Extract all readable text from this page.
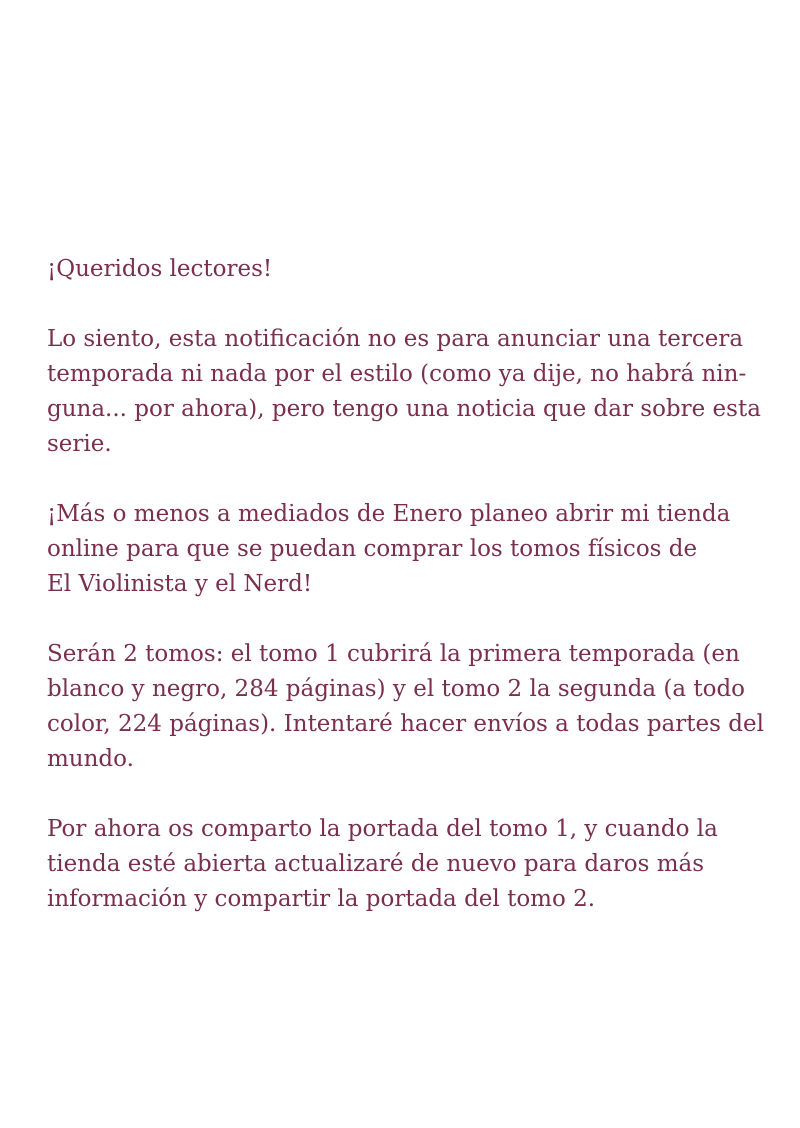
¡Queridos lectores!
Lo siento, esta notificación no es para anunciar una tercera
temporada ni nada por el estilo (como ya dije, no habrá nin-
guna... por ahora), pero tengo una noticia que dar sobre esta
serie.
¡Más o menos a mediados de Enero planeo abrir mi tienda
online para que se puedan comprar los tomos físicos de
El Violinista y el Nerd!
Serán 2 tomos: el tomo 1 cubrirá la primera temporada (en
blanco y negro, 284 páginas) y el tomo 2 la segunda (a todo
color, 224 páginas). Intentaré hacer envíos a todas partes del
mundo.
Por ahora os comparto la portada del tomo 1, y cuando la
tienda esté abierta actualizaré de nuevo para daros más
información y compartir la portada del tomo 2.
